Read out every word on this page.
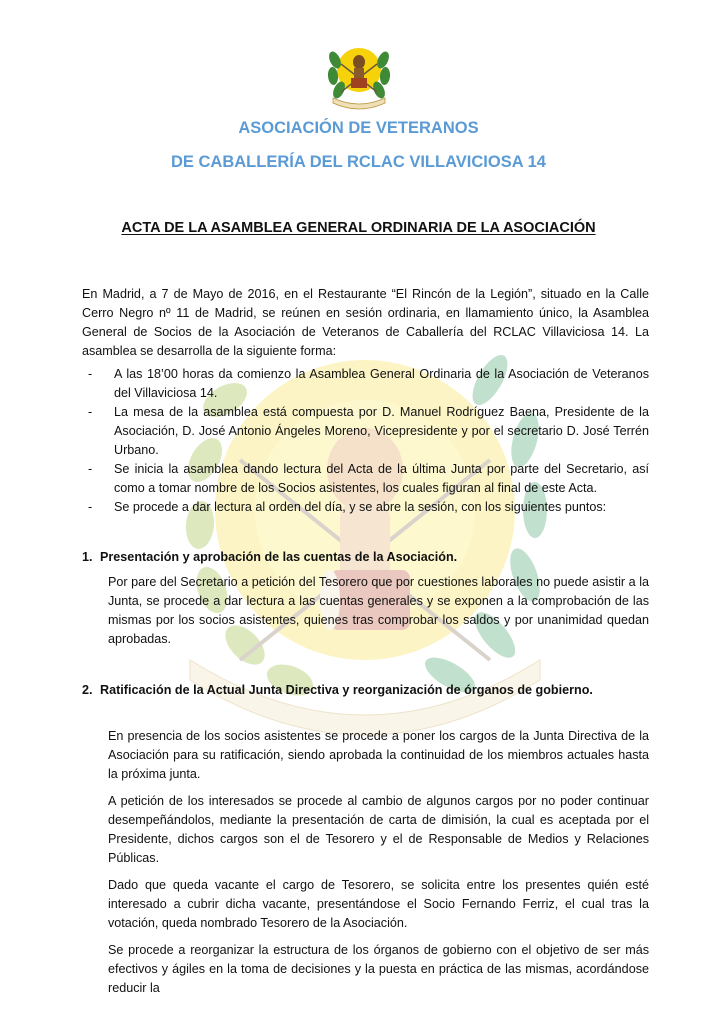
ASOCIACIÓN DE VETERANOS
DE CABALLERÍA DEL RCLAC VILLAVICIOSA 14
ACTA DE LA ASAMBLEA GENERAL ORDINARIA DE LA ASOCIACIÓN
En Madrid, a 7 de Mayo de 2016, en el Restaurante “El Rincón de la Legión”, situado en la Calle Cerro Negro nº 11 de Madrid, se reúnen en sesión ordinaria, en llamamiento único, la Asamblea General de Socios de la Asociación de Veteranos de Caballería del RCLAC Villaviciosa 14. La asamblea se desarrolla de la siguiente forma:
- A las 18’00 horas da comienzo la Asamblea General Ordinaria de la Asociación de Veteranos del Villaviciosa 14.
- La mesa de la asamblea está compuesta por D. Manuel Rodríguez Baena, Presidente de la Asociación, D. José Antonio Ángeles Moreno, Vicepresidente y por el secretario D. José Terrén Urbano.
- Se inicia la asamblea dando lectura del Acta de la última Junta por parte del Secretario, así como a tomar nombre de los Socios asistentes, los cuales figuran al final de este Acta.
- Se procede a dar lectura al orden del día, y se abre la sesión, con los siguientes puntos:
1. Presentación y aprobación de las cuentas de la Asociación.
Por pare del Secretario a petición del Tesorero que por cuestiones laborales no puede asistir a la Junta, se procede a dar lectura a las cuentas generales y se exponen a la comprobación de las mismas por los socios asistentes, quienes tras comprobar los saldos y por unanimidad quedan aprobadas.
2. Ratificación de la Actual Junta Directiva y reorganización de órganos de gobierno.
En presencia de los socios asistentes se procede a poner los cargos de la Junta Directiva de la Asociación para su ratificación, siendo aprobada la continuidad de los miembros actuales hasta la próxima junta.
A petición de los interesados se procede al cambio de algunos cargos por no poder continuar desempeñándolos, mediante la presentación de carta de dimisión, la cual es aceptada por el Presidente, dichos cargos son el de Tesorero y el de Responsable de Medios y Relaciones Públicas.
Dado que queda vacante el cargo de Tesorero, se solicita entre los presentes quién esté interesado a cubrir dicha vacante, presentándose el Socio Fernando Ferriz, el cual tras la votación, queda nombrado Tesorero de la Asociación.
Se procede a reorganizar la estructura de los órganos de gobierno con el objetivo de ser más efectivos y ágiles en la toma de decisiones y la puesta en práctica de las mismas, acordándose reducir la
